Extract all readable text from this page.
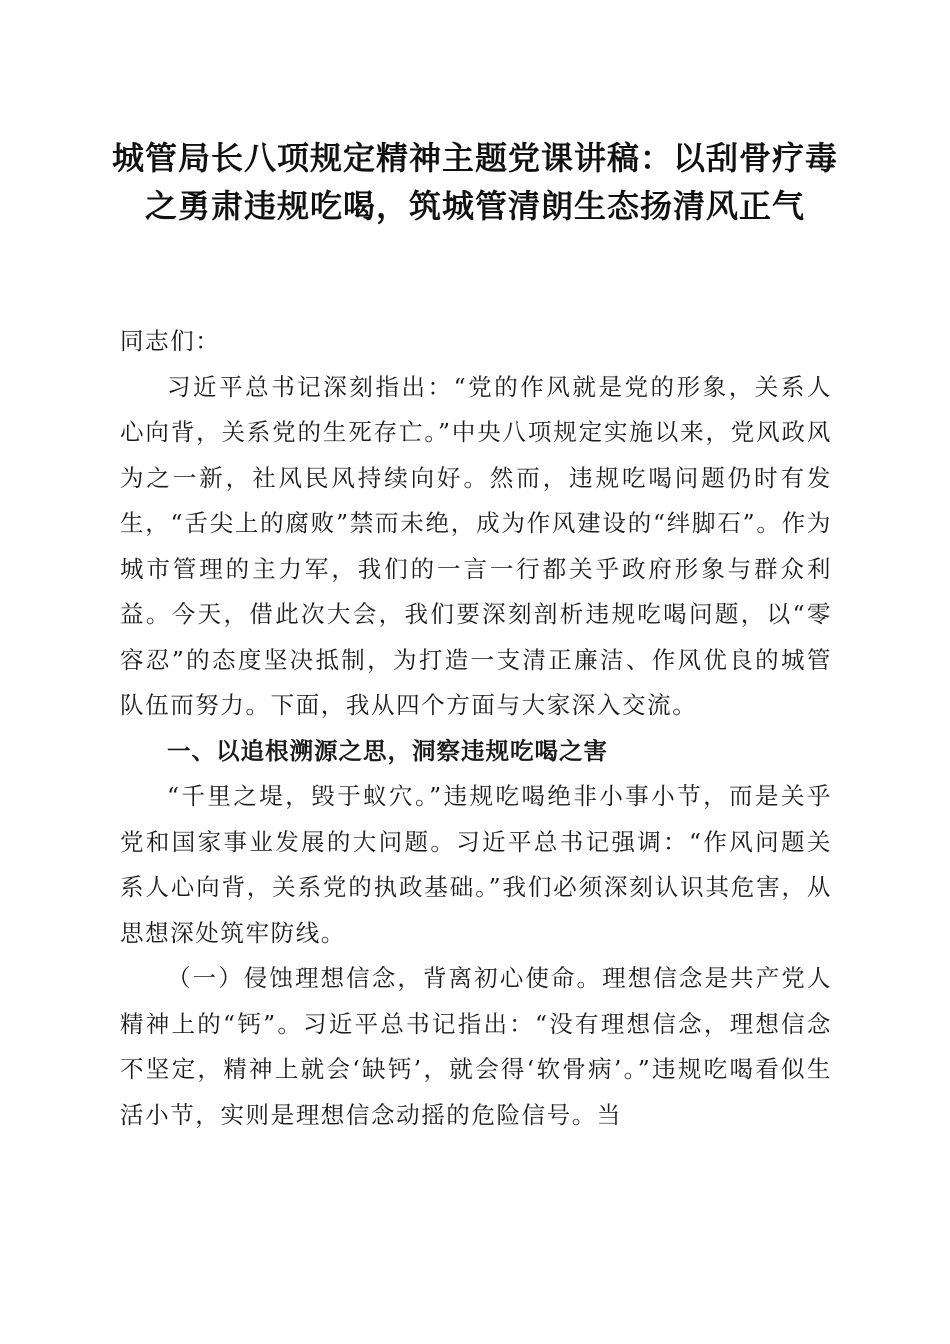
城管局长八项规定精神主题党课讲稿：以刮骨疗毒之勇肃违规吃喝，筑城管清朗生态扬清风正气

同志们：

习近平总书记深刻指出：“党的作风就是党的形象，关系人心向背，关系党的生死存亡。”中央八项规定实施以来，党风政风为之一新，社风民风持续向好。然而，违规吃喝问题仍时有发生，“舌尖上的腐败”禁而未绝，成为作风建设的“绊脚石”。作为城市管理的主力军，我们的一言一行都关乎政府形象与群众利益。今天，借此次大会，我们要深刻剖析违规吃喝问题，以“零容忍”的态度坚决抵制，为打造一支清正廉洁、作风优良的城管队伍而努力。下面，我从四个方面与大家深入交流。

一、以追根溯源之思，洞察违规吃喝之害

“千里之堤，毁于蚁穴。”违规吃喝绝非小事小节，而是关乎党和国家事业发展的大问题。习近平总书记强调：“作风问题关系人心向背，关系党的执政基础。”我们必须深刻认识其危害，从思想深处筑牢防线。

（一）侵蚀理想信念，背离初心使命。理想信念是共产党人精神上的“钙”。习近平总书记指出：“没有理想信念，理想信念不坚定，精神上就会‘缺钙’，就会得‘软骨病’。”违规吃喝看似生活小节，实则是理想信念动摇的危险信号。当
